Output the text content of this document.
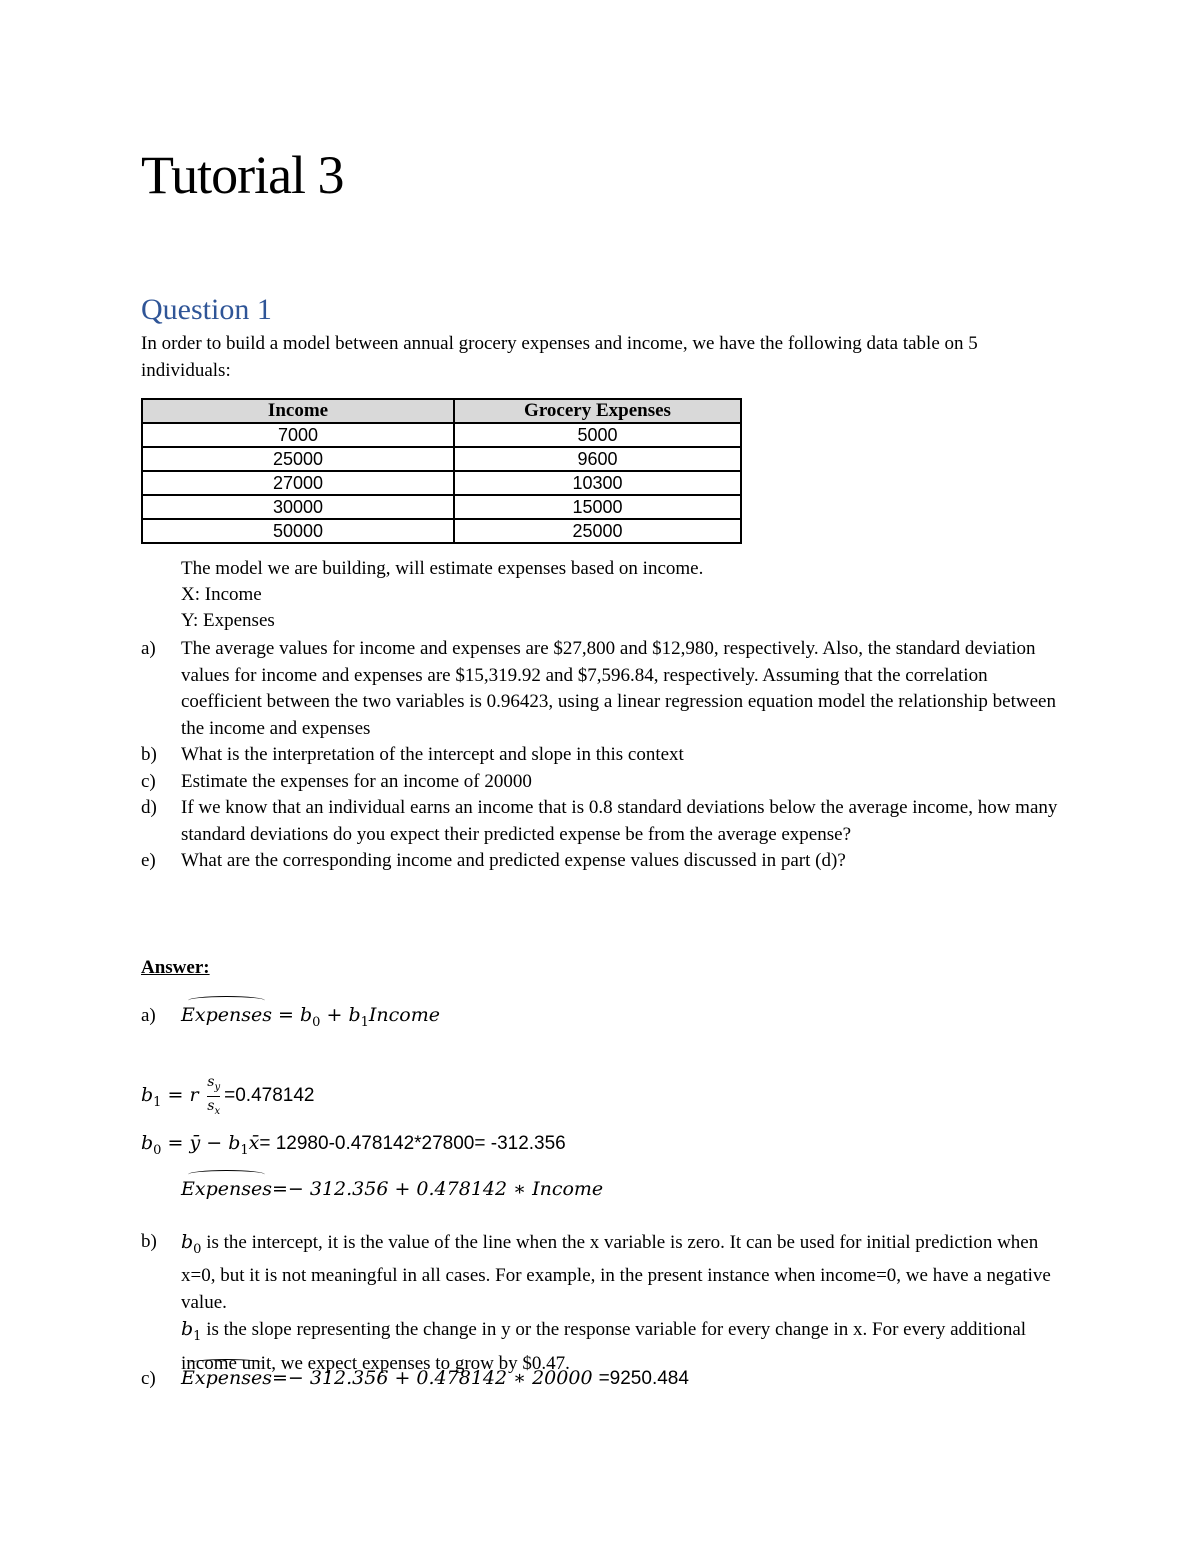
Tutorial 3
Question 1
In order to build a model between annual grocery expenses and income, we have the following data table on 5 individuals:
Income	Grocery Expenses
7000	5000
25000	9600
27000	10300
30000	15000
50000	25000
The model we are building, will estimate expenses based on income.
X: Income
Y: Expenses
a)	The average values for income and expenses are $27,800 and $12,980, respectively. Also, the standard deviation values for income and expenses are $15,319.92 and $7,596.84, respectively. Assuming that the correlation coefficient between the two variables is 0.96423, using a linear regression equation model the relationship between the income and expenses
b)	What is the interpretation of the intercept and slope in this context
c)	Estimate the expenses for an income of 20000
d)	If we know that an individual earns an income that is 0.8 standard deviations below the average income, how many standard deviations do you expect their predicted expense be from the average expense?
e)	What are the corresponding income and predicted expense values discussed in part (d)?
Answer:
a) Expenses = $b_0$ + $b_1Income$
$b_1 = r \frac{s_y}{s_x} =0.478142$
$b_0$ = ȳ − $b_1x̄= 12980-0.478142*27800= -312.356$
Expenses=− 312.356 + 0.478142 ∗ Income
b)	$b_0$ is the intercept, it is the value of the line when the x variable is zero. It can be used for initial prediction when x=0, but it is not meaningful in all cases. For example, in the present instance when income=0, we have a negative value.
$b_1$ is the slope representing the change in y or the response variable for every change in x. For every additional income unit, we expect expenses to grow by $0.47.
c) Expenses=− 312.356 + 0.478142 ∗ 20000 =9250.484
